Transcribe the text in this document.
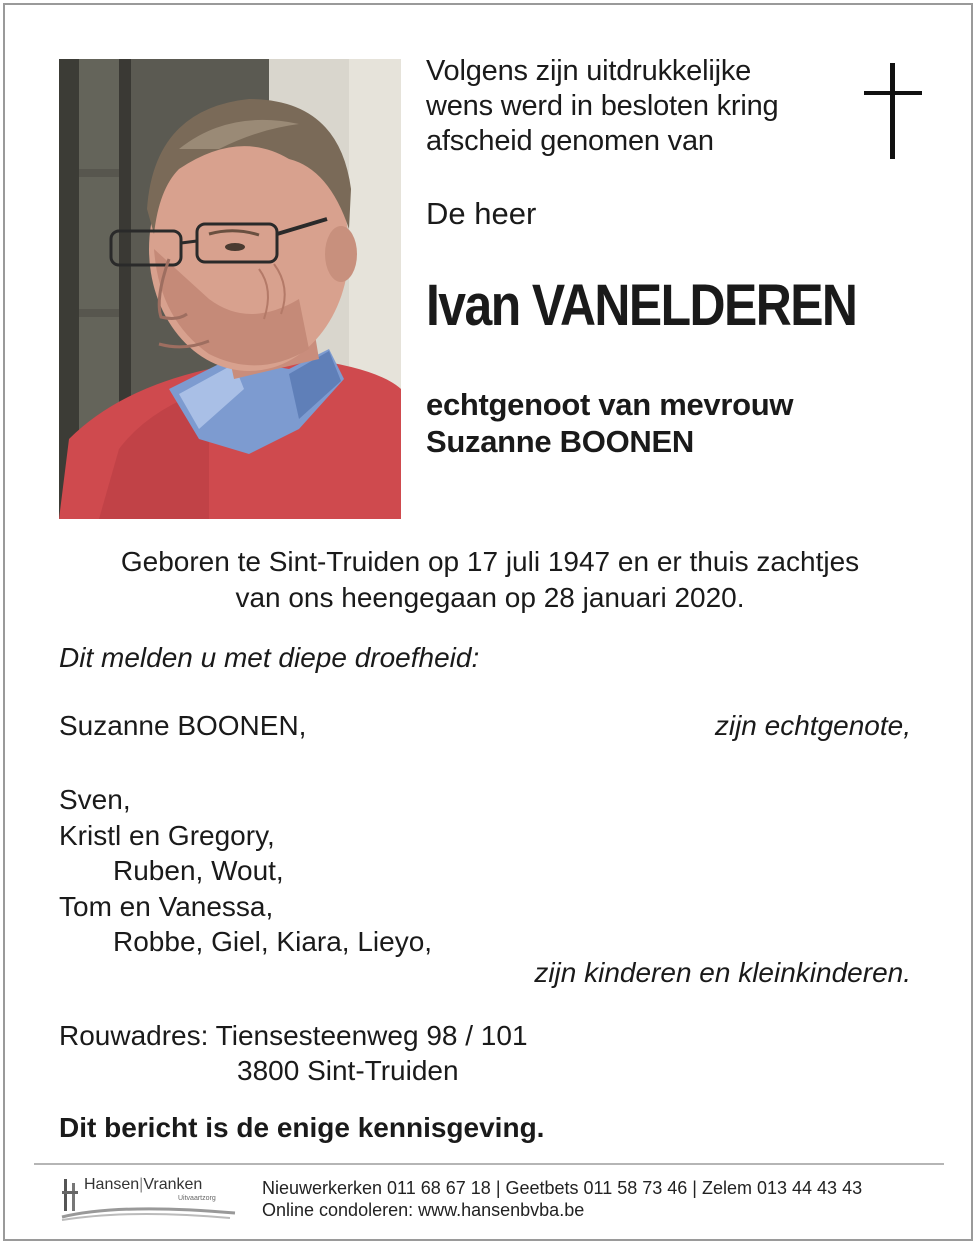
Volgens zijn uitdrukkelijke
wens werd in besloten kring
afscheid genomen van
De heer
Ivan VANELDEREN
echtgenoot van mevrouw
Suzanne BOONEN
Geboren te Sint-Truiden op 17 juli 1947 en er thuis zachtjes
van ons heengegaan op 28 januari 2020.
Dit melden u met diepe droefheid:
Suzanne BOONEN,	zijn echtgenote,
Sven,
Kristl en Gregory,
Ruben, Wout,
Tom en Vanessa,
Robbe, Giel, Kiara, Lieyo,
zijn kinderen en kleinkinderen.
Rouwadres: Tiensesteenweg 98 / 101
3800 Sint-Truiden
Dit bericht is de enige kennisgeving.
Hansen|Vranken
Uitvaartzorg
Nieuwerkerken 011 68 67 18 | Geetbets 011 58 73 46 | Zelem 013 44 43 43
Online condoleren: www.hansenbvba.be
